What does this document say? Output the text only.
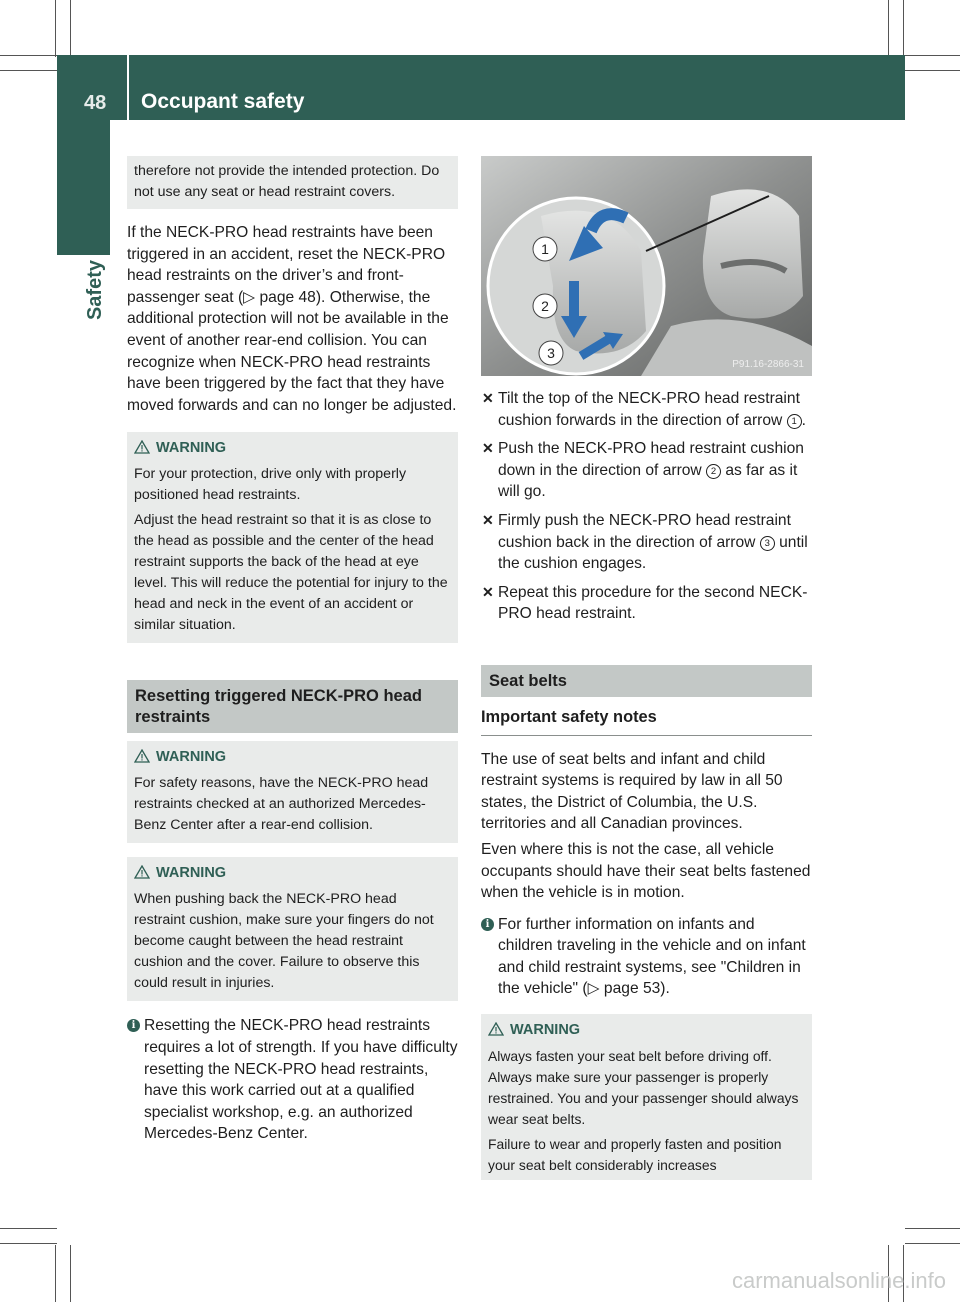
48 Occupant safety
Safety

therefore not provide the intended protection. Do not use any seat or head restraint covers.

If the NECK-PRO head restraints have been triggered in an accident, reset the NECK-PRO head restraints on the driver’s and front-passenger seat (▷ page 48). Otherwise, the additional protection will not be available in the event of another rear-end collision. You can recognize when NECK-PRO head restraints have been triggered by the fact that they have moved forwards and can no longer be adjusted.

WARNING

For your protection, drive only with properly positioned head restraints.

Adjust the head restraint so that it is as close to the head as possible and the center of the head restraint supports the back of the head at eye level. This will reduce the potential for injury to the head and neck in the event of an accident or similar situation.

Resetting triggered NECK-PRO head restraints
WARNING

For safety reasons, have the NECK-PRO head restraints checked at an authorized Mercedes-Benz Center after a rear-end collision.

WARNING

When pushing back the NECK-PRO head restraint cushion, make sure your fingers do not become caught between the head restraint cushion and the cover. Failure to observe this could result in injuries.

i Resetting the NECK-PRO head restraints requires a lot of strength. If you have difficulty resetting the NECK-PRO head restraints, have this work carried out at a qualified specialist workshop, e.g. an authorized Mercedes-Benz Center.

1
2
3
P91.16-2866-31

✕ Tilt the top of the NECK-PRO head restraint cushion forwards in the direction of arrow 1 .

✕ Push the NECK-PRO head restraint cushion down in the direction of arrow 2 as far as it will go.

✕ Firmly push the NECK-PRO head restraint cushion back in the direction of arrow 3 until the cushion engages.

✕ Repeat this procedure for the second NECK-PRO head restraint.

Seat belts
Important safety notes

The use of seat belts and infant and child restraint systems is required by law in all 50 states, the District of Columbia, the U.S. territories and all Canadian provinces.

Even where this is not the case, all vehicle occupants should have their seat belts fastened when the vehicle is in motion.

i For further information on infants and children traveling in the vehicle and on infant and child restraint systems, see "Children in the vehicle" (▷ page 53).

WARNING

Always fasten your seat belt before driving off. Always make sure your passenger is properly restrained. You and your passenger should always wear seat belts.

Failure to wear and properly fasten and position your seat belt considerably increases

carmanualsonline.info
